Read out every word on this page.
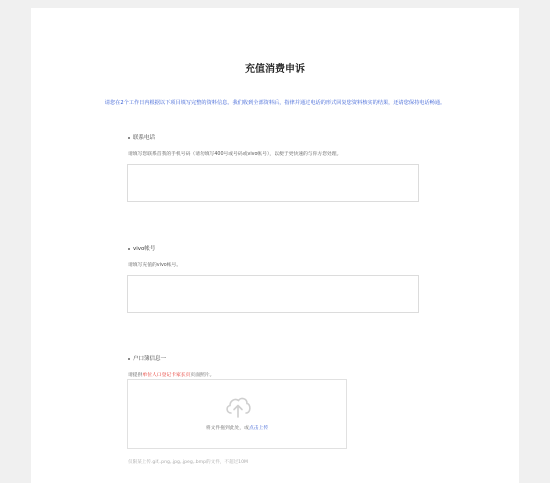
充值消费申诉
请您在2个工作日内根据以下项目填写完整的资料信息。我们收到全部资料后，指律并通过电话的形式回复您资料核实的结果，还请您保持电话畅通。
联系电话
请填写您联系首我的手机号码（请勿填写400号或号码或vivo帐号），以便于更快速的与你方您处理。
vivo帐号
请填写充值的vivo帐号。
户口簿信息一
请提供单位人口登记卡家长页页面照片。
将文件拖到此处，或点击上传
仅限某上传.gif,.png,.jpg,.jpeg,.bmp的文件，不超过10M
